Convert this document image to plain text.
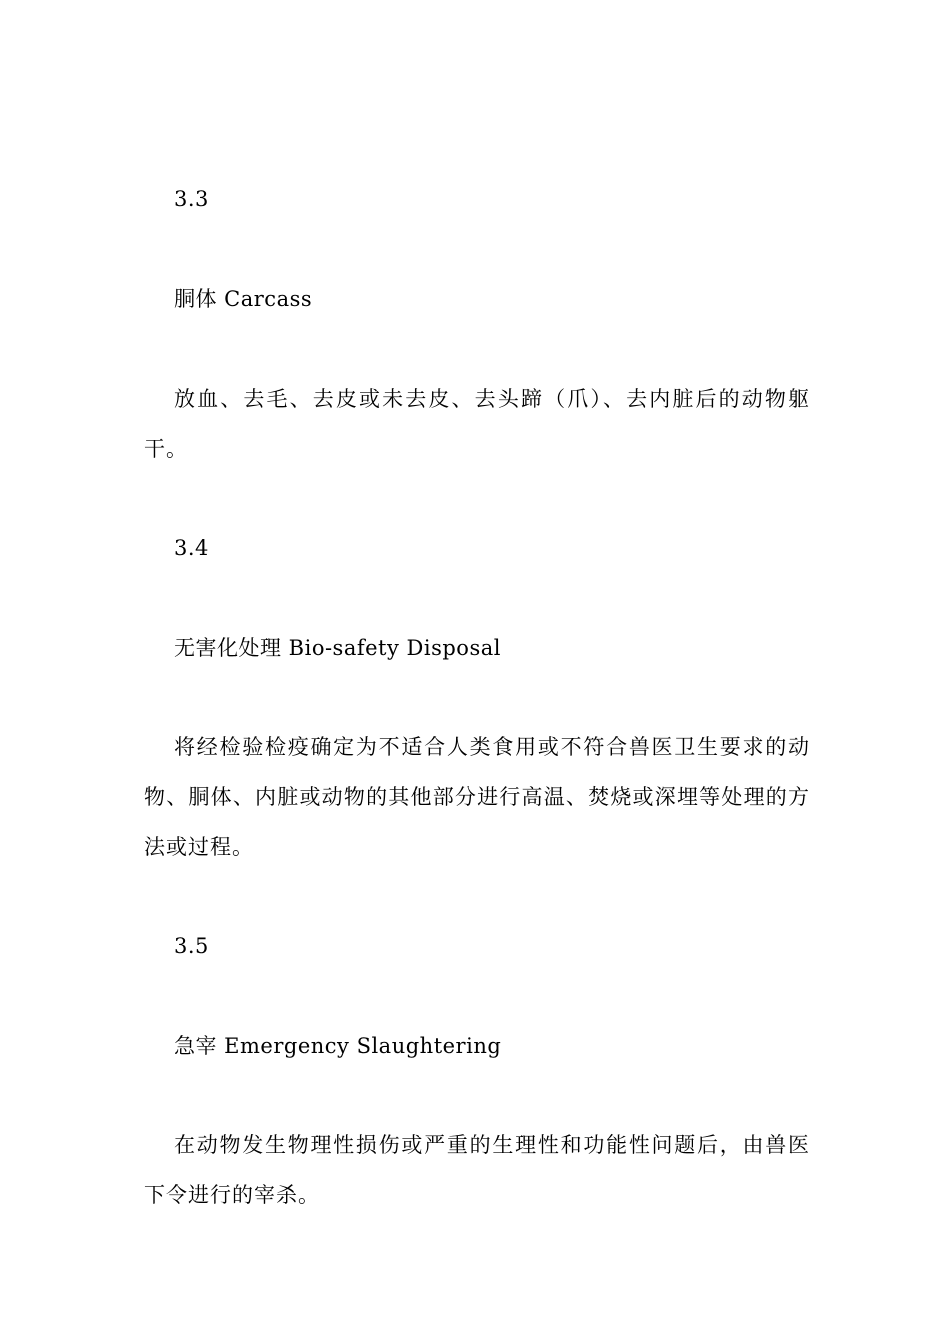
3.3

胴体 Carcass

放血、去毛、去皮或未去皮、去头蹄（爪）、去内脏后的动物躯干。

3.4

无害化处理 Bio-safety Disposal

将经检验检疫确定为不适合人类食用或不符合兽医卫生要求的动物、胴体、内脏或动物的其他部分进行高温、焚烧或深埋等处理的方法或过程。

3.5

急宰 Emergency Slaughtering

在动物发生物理性损伤或严重的生理性和功能性问题后，由兽医下令进行的宰杀。
